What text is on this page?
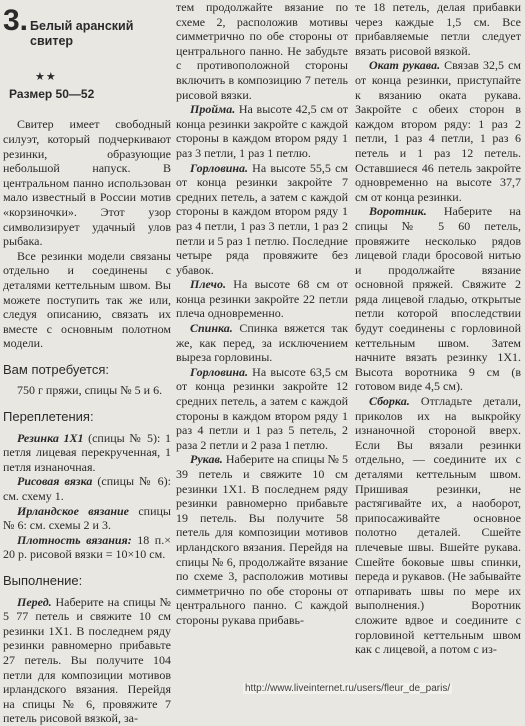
3. Белый аранский свитер
★★
Размер 50—52

Свитер имеет свободный силуэт, который подчеркивают резинки, образующие небольшой напуск. В центральном панно использован мало известный в России мотив «корзиночки». Этот узор символизирует удачный улов рыбака.

Все резинки модели связаны отдельно и соединены с деталями кеттельным швом. Вы можете поступить так же или, следуя описанию, связать их вместе с основным полотном модели.

Вам потребуется:

750 г пряжи, спицы № 5 и 6.

Переплетения:

Резинка 1Х1 (спицы № 5): 1 петля лицевая перекрученная, 1 петля изнаночная.

Рисовая вязка (спицы № 6): см. схему 1.

Ирландское вязание спицы № 6: см. схемы 2 и 3.

Плотность вязания: 18 п.× 20 р. рисовой вязки = 10×10 см.

Выполнение:

Перед. Наберите на спицы № 5 77 петель и свяжите 10 см резинки 1Х1. В последнем ряду резинки равномерно прибавьте 27 петель. Вы получите 104 петли для композиции мотивов ирландского вязания. Перейдя на спицы № 6, провяжите 7 петель рисовой вязкой, за-

тем продолжайте вязание по схеме 2, расположив мотивы симметрично по обе стороны от центрального панно. Не забудьте с противоположной стороны включить в композицию 7 петель рисовой вязки.

Пройма. На высоте 42,5 см от конца резинки закройте с каждой стороны в каждом втором ряду 1 раз 3 петли, 1 раз 1 петлю.

Горловина. На высоте 55,5 см от конца резинки закройте 7 средних петель, а затем с каждой стороны в каждом втором ряду 1 раз 4 петли, 1 раз 3 петли, 1 раз 2 петли и 5 раз 1 петлю. Последние четыре ряда провяжите без убавок.

Плечо. На высоте 68 см от конца резинки закройте 22 петли плеча одновременно.

Спинка. Спинка вяжется так же, как перед, за исключением выреза горловины.

Горловина. На высоте 63,5 см от конца резинки закройте 12 средних петель, а затем с каждой стороны в каждом втором ряду 1 раз 4 петли и 1 раз 5 петель, 2 раза 2 петли и 2 раза 1 петлю.

Рукав. Наберите на спицы № 5 39 петель и свяжите 10 см резинки 1Х1. В последнем ряду резинки равномерно прибавьте 19 петель. Вы получите 58 петель для композиции мотивов ирландского вязания. Перейдя на спицы № 6, продолжайте вязание по схеме 3, расположив мотивы симметрично по обе стороны от центрального панно. С каждой стороны рукава прибавь-

те 18 петель, делая прибавки через каждые 1,5 см. Все прибавляемые петли следует вязать рисовой вязкой.

Окат рукава. Связав 32,5 см от конца резинки, приступайте к вязанию оката рукава. Закройте с обеих сторон в каждом втором ряду: 1 раз 2 петли, 1 раз 4 петли, 1 раз 6 петель и 1 раз 12 петель. Оставшиеся 46 петель закройте одновременно на высоте 37,7 см от конца резинки.

Воротник. Наберите на спицы № 5 60 петель, провяжите несколько рядов лицевой глади бросовой нитью и продолжайте вязание основной пряжей. Свяжите 2 ряда лицевой гладью, открытые петли которой впоследствии будут соединены с горловиной кеттельным швом. Затем начните вязать резинку 1Х1. Высота воротника 9 см (в готовом виде 4,5 см).

Сборка. Отгладьте детали, приколов их на выкройку изнаночной стороной вверх. Если Вы вязали резинки отдельно, — соедините их с деталями кеттельным швом. Пришивая резинки, не растягивайте их, а наоборот, припосаживайте основное полотно деталей. Сшейте плечевые швы. Вшейте рукава. Сшейте боковые швы спинки, переда и рукавов. (Не забывайте отпаривать швы по мере их выполнения.) Воротник сложите вдвое и соедините с горловиной кеттельным швом как с лицевой, а потом с из-

http://www.liveinternet.ru/users/fleur_de_paris/
